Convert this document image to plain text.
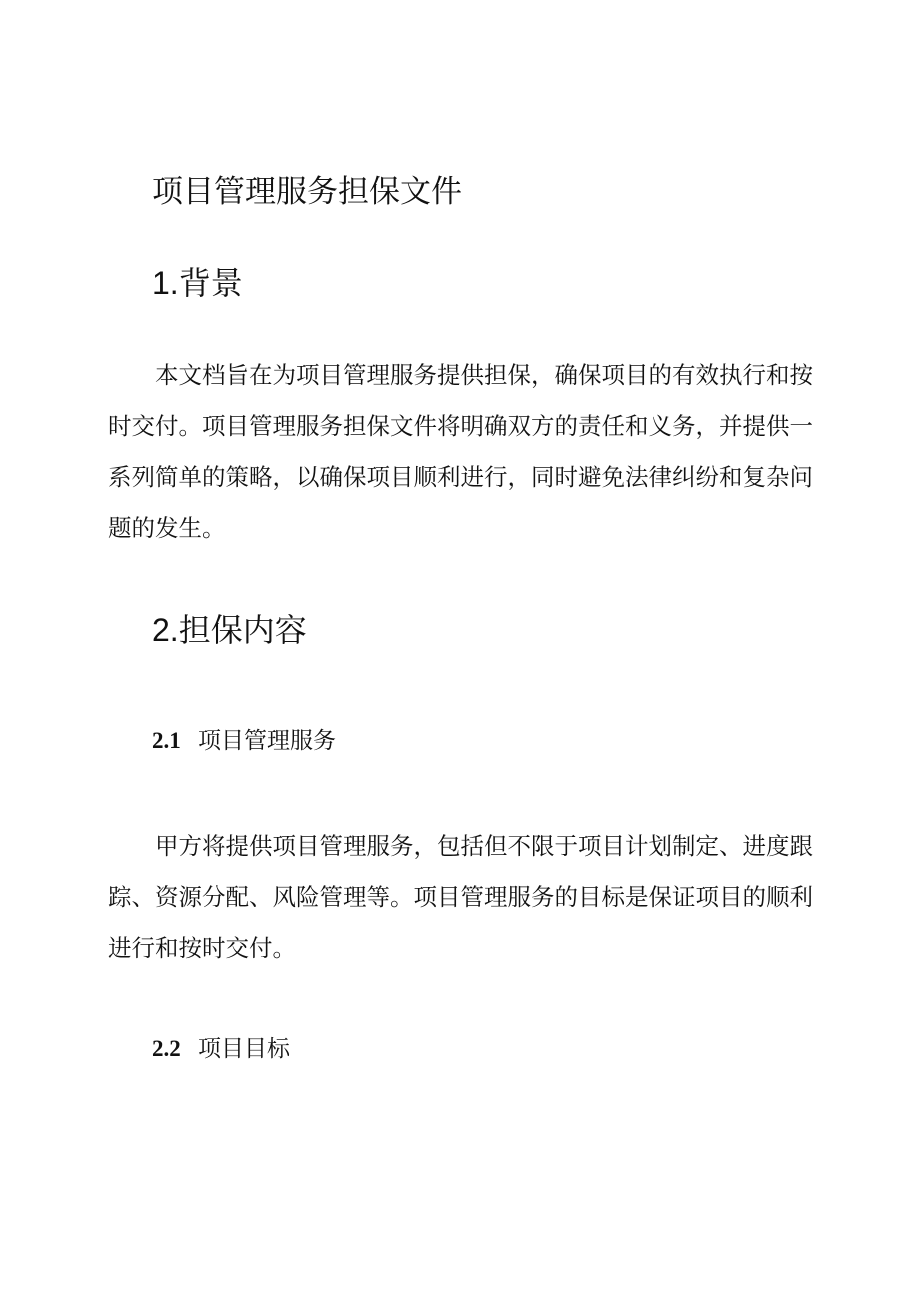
项目管理服务担保文件
1.背景

本文档旨在为项目管理服务提供担保，确保项目的有效执行和按时交付。项目管理服务担保文件将明确双方的责任和义务，并提供一系列简单的策略，以确保项目顺利进行，同时避免法律纠纷和复杂问题的发生。

2.担保内容
2.1 项目管理服务

甲方将提供项目管理服务，包括但不限于项目计划制定、进度跟踪、资源分配、风险管理等。项目管理服务的目标是保证项目的顺利进行和按时交付。

2.2 项目目标
